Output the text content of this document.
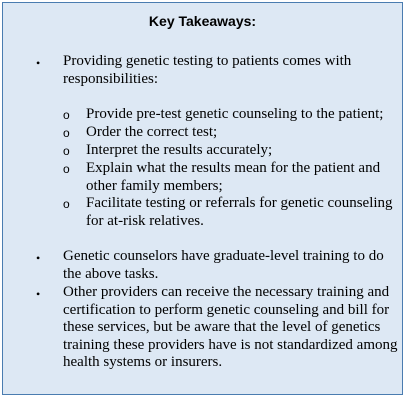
Key Takeaways:
• Providing genetic testing to patients comes with responsibilities:
o Provide pre-test genetic counseling to the patient;
o Order the correct test;
o Interpret the results accurately;
o Explain what the results mean for the patient and other family members;
o Facilitate testing or referrals for genetic counseling for at-risk relatives.
• Genetic counselors have graduate-level training to do the above tasks.
• Other providers can receive the necessary training and certification to perform genetic counseling and bill for these services, but be aware that the level of genetics training these providers have is not standardized among health systems or insurers.
